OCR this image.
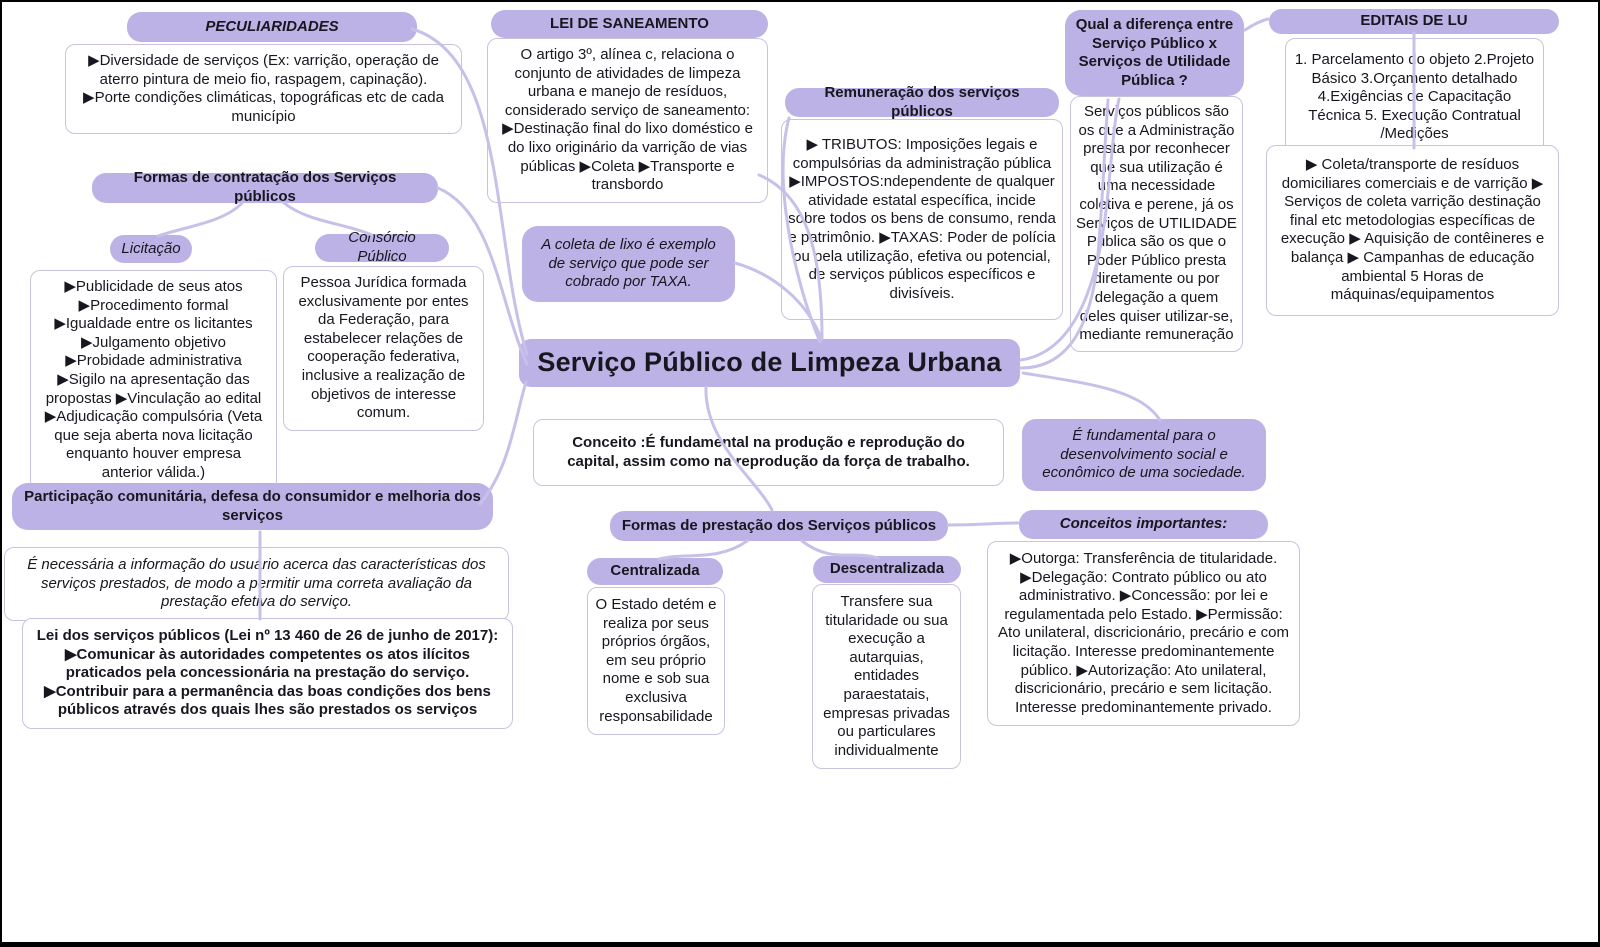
PECULIARIDADES
▶Diversidade de serviços (Ex: varrição, operação de aterro pintura de meio fio, raspagem, capinação). ▶Porte condições climáticas, topográficas etc de cada município
Formas de contratação dos Serviços públicos
Licitação
▶Publicidade de seus atos ▶Procedimento formal ▶Igualdade entre os licitantes ▶Julgamento objetivo ▶Probidade administrativa ▶Sigilo na apresentação das propostas ▶Vinculação ao edital ▶Adjudicação compulsória (Veta que seja aberta nova licitação enquanto houver empresa anterior válida.)
Consórcio Público
Pessoa Jurídica formada exclusivamente por entes da Federação, para estabelecer relações de cooperação federativa, inclusive a realização de objetivos de interesse comum.
LEI DE SANEAMENTO
O artigo 3º, alínea c, relaciona o conjunto de atividades de limpeza urbana e manejo de resíduos, considerado serviço de saneamento: ▶Destinação final do lixo doméstico e do lixo originário da varrição de vias públicas ▶Coleta ▶Transporte e transbordo
A coleta de lixo é exemplo de serviço que pode ser cobrado por TAXA.
Remuneração dos serviços públicos
▶ TRIBUTOS: Imposições legais e compulsórias da administração pública ▶IMPOSTOS:ndependente de qualquer atividade estatal específica, incide sobre todos os bens de consumo, renda e patrimônio. ▶TAXAS: Poder de polícia ou pela utilização, efetiva ou potencial, de serviços públicos específicos e divisíveis.
Qual a diferença entre Serviço Público x Serviços de Utilidade Pública ?
Serviços públicos são os que a Administração presta por reconhecer que sua utilização é uma necessidade coletiva e perene, já os Serviços de UTILIDADE Pública são os que o Poder Público presta diretamente ou por delegação a quem deles quiser utilizar-se, mediante remuneração
EDITAIS DE LU
1. Parcelamento do objeto 2.Projeto Básico 3.Orçamento detalhado 4.Exigências de Capacitação Técnica 5. Execução Contratual /Medições
▶ Coleta/transporte de resíduos domiciliares comerciais e de varrição ▶ Serviços de coleta varrição destinação final etc metodologias específicas de execução ▶ Aquisição de contêineres e balança ▶ Campanhas de educação ambiental 5 Horas de máquinas/equipamentos
Serviço Público de Limpeza Urbana
Conceito :É fundamental na produção e reprodução do capital, assim como na reprodução da força de trabalho.
É fundamental para o desenvolvimento social e econômico de uma sociedade.
Formas de prestação dos Serviços públicos
Centralizada
O Estado detém e realiza por seus próprios órgãos, em seu próprio nome e sob sua exclusiva responsabilidade
Descentralizada
Transfere sua titularidade ou sua execução a autarquias, entidades paraestatais, empresas privadas ou particulares individualmente
Conceitos importantes:
▶Outorga: Transferência de titularidade. ▶Delegação: Contrato público ou ato administrativo. ▶Concessão: por lei e regulamentada pelo Estado. ▶Permissão: Ato unilateral, discricionário, precário e com licitação. Interesse predominantemente público. ▶Autorização: Ato unilateral, discricionário, precário e sem licitação. Interesse predominantemente privado.
Participação comunitária, defesa do consumidor e melhoria dos serviços
É necessária a informação do usuário acerca das características dos serviços prestados, de modo a permitir uma correta avaliação da prestação efetiva do serviço.
Lei dos serviços públicos (Lei nº 13 460 de 26 de junho de 2017): ▶Comunicar às autoridades competentes os atos ilícitos praticados pela concessionária na prestação do serviço. ▶Contribuir para a permanência das boas condições dos bens públicos através dos quais lhes são prestados os serviços
